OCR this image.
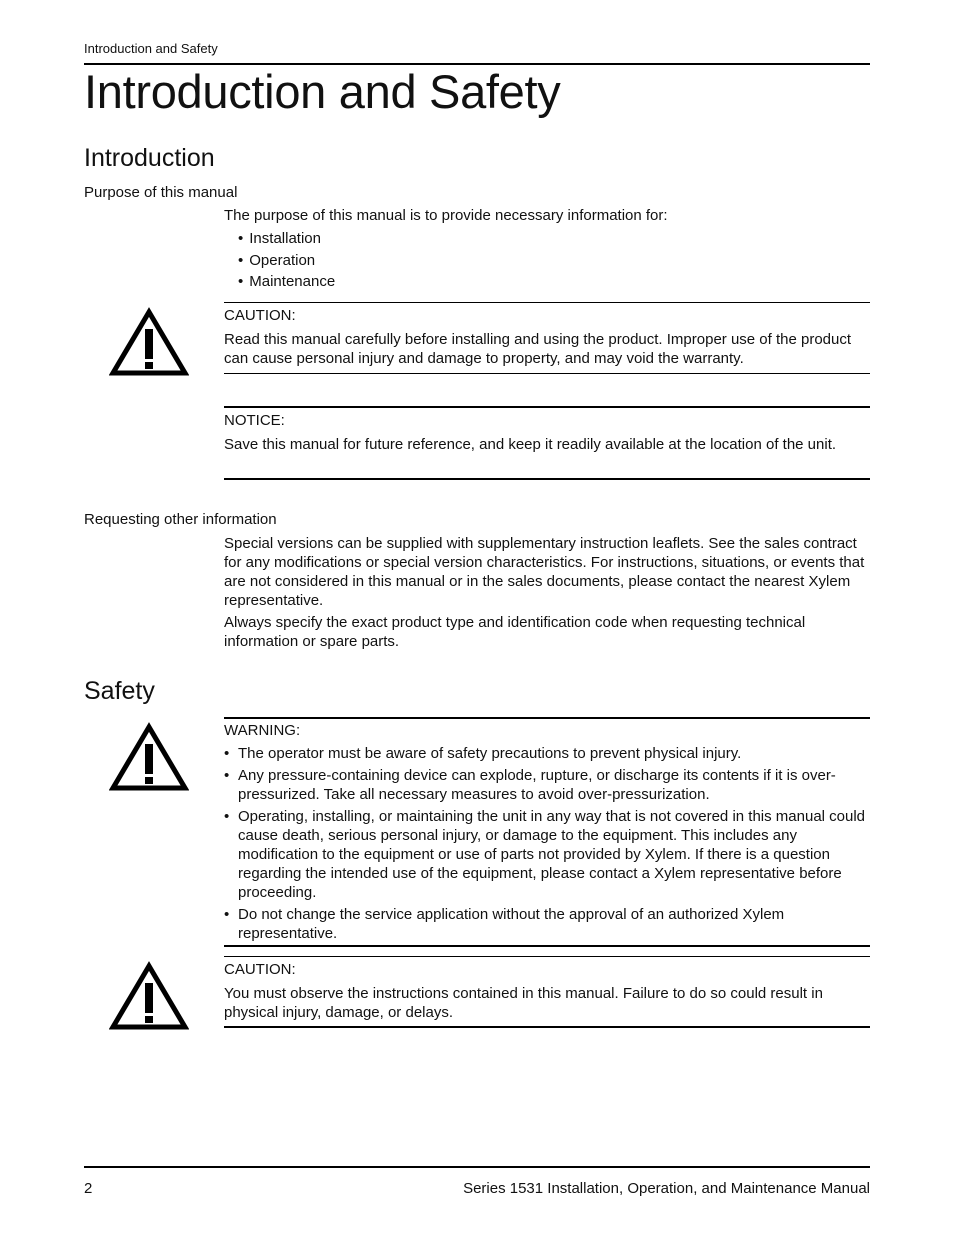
Introduction and Safety
Introduction and Safety
Introduction
Purpose of this manual

The purpose of this manual is to provide necessary information for:

• Installation
• Operation
• Maintenance
CAUTION:

Read this manual carefully before installing and using the product. Improper use of the product can cause personal injury and damage to property, and may void the warranty.

NOTICE:

Save this manual for future reference, and keep it readily available at the location of the unit.

Requesting other information

Special versions can be supplied with supplementary instruction leaflets. See the sales contract for any modifications or special version characteristics. For instructions, situations, or events that are not considered in this manual or in the sales documents, please contact the nearest Xylem representative.

Always specify the exact product type and identification code when requesting technical information or spare parts.

Safety
WARNING:
• The operator must be aware of safety precautions to prevent physical injury.
• Any pressure-containing device can explode, rupture, or discharge its contents if it is over-pressurized. Take all necessary measures to avoid over-pressurization.
• Operating, installing, or maintaining the unit in any way that is not covered in this manual could cause death, serious personal injury, or damage to the equipment. This includes any modification to the equipment or use of parts not provided by Xylem. If there is a question regarding the intended use of the equipment, please contact a Xylem representative before proceeding.
• Do not change the service application without the approval of an authorized Xylem representative.
CAUTION:

You must observe the instructions contained in this manual. Failure to do so could result in physical injury, damage, or delays.

2	Series 1531 Installation, Operation, and Maintenance Manual
